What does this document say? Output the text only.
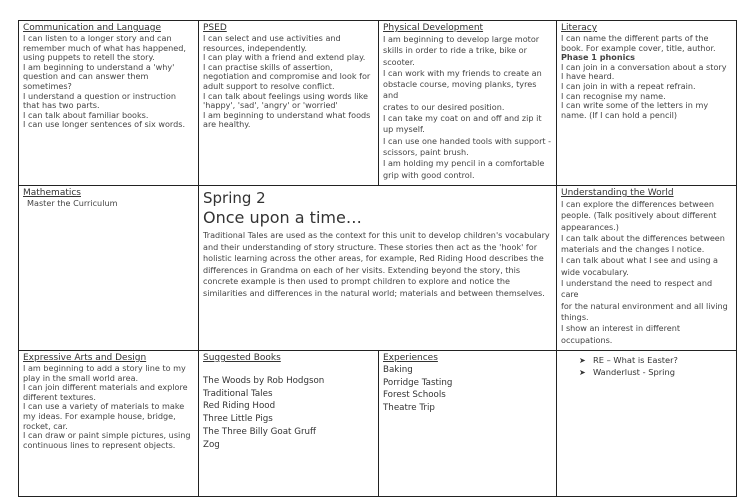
Communication and Language
I can listen to a longer story and can
remember much of what has happened,
using puppets to retell the story.
I am beginning to understand a 'why'
question and can answer them sometimes?
I understand a question or instruction
that has two parts.
I can talk about familiar books.
I can use longer sentences of six words.
PSED
I can select and use activities and
resources, independently.
I can play with a friend and extend play.
I can practise skills of assertion,
negotiation and compromise and look for
adult support to resolve conflict.
I can talk about feelings using words like
'happy', 'sad', 'angry' or 'worried'
I am beginning to understand what foods
are healthy.
Physical Development
I am beginning to develop large motor
skills in order to ride a trike, bike or
scooter.
I can work with my friends to create an
obstacle course, moving planks, tyres and
crates to our desired position.
I can take my coat on and off and zip it
up myself.
I can use one handed tools with support -
scissors, paint brush.
I am holding my pencil in a comfortable
grip with good control.
Literacy
I can name the different parts of the
book. For example cover, title, author.
Phase 1 phonics
I can join in a conversation about a story
I have heard.
I can join in with a repeat refrain.
I can recognise my name.
I can write some of the letters in my
name. (If I can hold a pencil)
Mathematics
Master the Curriculum	Spring 2
Once upon a time…
Traditional Tales are used as the context for this unit to develop children's vocabulary and their understanding of story structure. These stories then act as the 'hook' for holistic learning across the other areas, for example, Red Riding Hood describes the differences in Grandma on each of her visits. Extending beyond the story, this concrete example is then used to prompt children to explore and notice the similarities and differences in the natural world; materials and between themselves.
Understanding the World
I can explore the differences between
people. (Talk positively about different
appearances.)
I can talk about the differences between
materials and the changes I notice.
I can talk about what I see and using a
wide vocabulary.
I understand the need to respect and care
for the natural environment and all living
things.
I show an interest in different
occupations.
Expressive Arts and Design
I am beginning to add a story line to my
play in the small world area.
I can join different materials and explore
different textures.
I can use a variety of materials to make
my ideas. For example house, bridge,
rocket, car.
I can draw or paint simple pictures, using
continuous lines to represent objects.
Suggested Books
The Woods by Rob Hodgson
Traditional Tales
Red Riding Hood
Three Little Pigs
The Three Billy Goat Gruff
Zog
Experiences
Baking
Porridge Tasting
Forest Schools
Theatre Trip
➤ RE – What is Easter?
➤ Wanderlust - Spring
